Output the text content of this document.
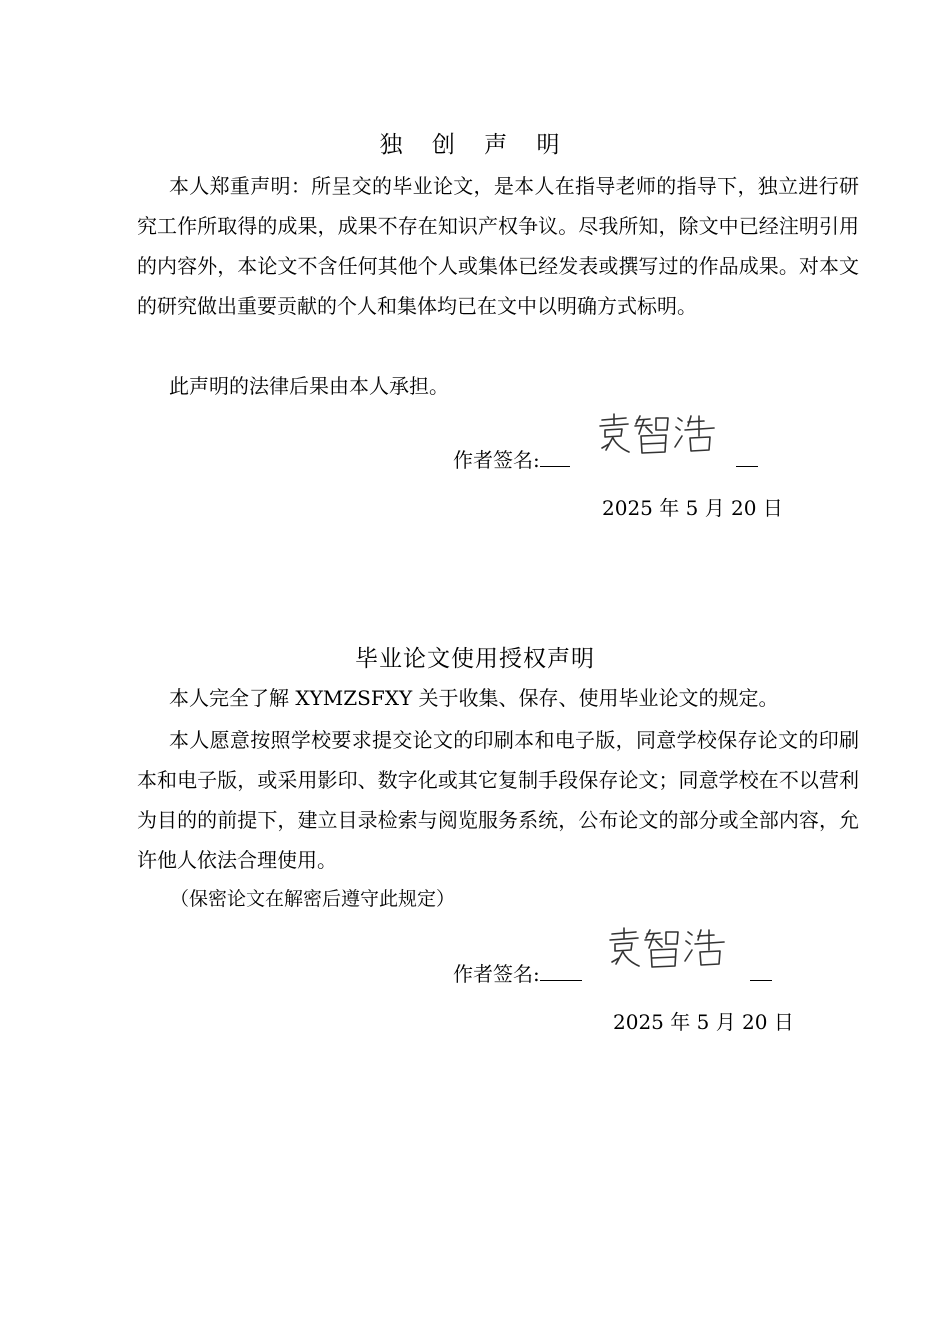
独 创 声 明
本人郑重声明：所呈交的毕业论文，是本人在指导老师的指导下，独立进行研究工作所取得的成果，成果不存在知识产权争议。尽我所知，除文中已经注明引用的内容外，本论文不含任何其他个人或集体已经发表或撰写过的作品成果。对本文的研究做出重要贡献的个人和集体均已在文中以明确方式标明。
此声明的法律后果由本人承担。
作者签名:
2025 年 5 月 20 日
毕业论文使用授权声明
本人完全了解 XYMZSFXY 关于收集、保存、使用毕业论文的规定。
本人愿意按照学校要求提交论文的印刷本和电子版，同意学校保存论文的印刷本和电子版，或采用影印、数字化或其它复制手段保存论文；同意学校在不以营利为目的的前提下，建立目录检索与阅览服务系统，公布论文的部分或全部内容，允许他人依法合理使用。
（保密论文在解密后遵守此规定）
作者签名:
2025 年 5 月 20 日
